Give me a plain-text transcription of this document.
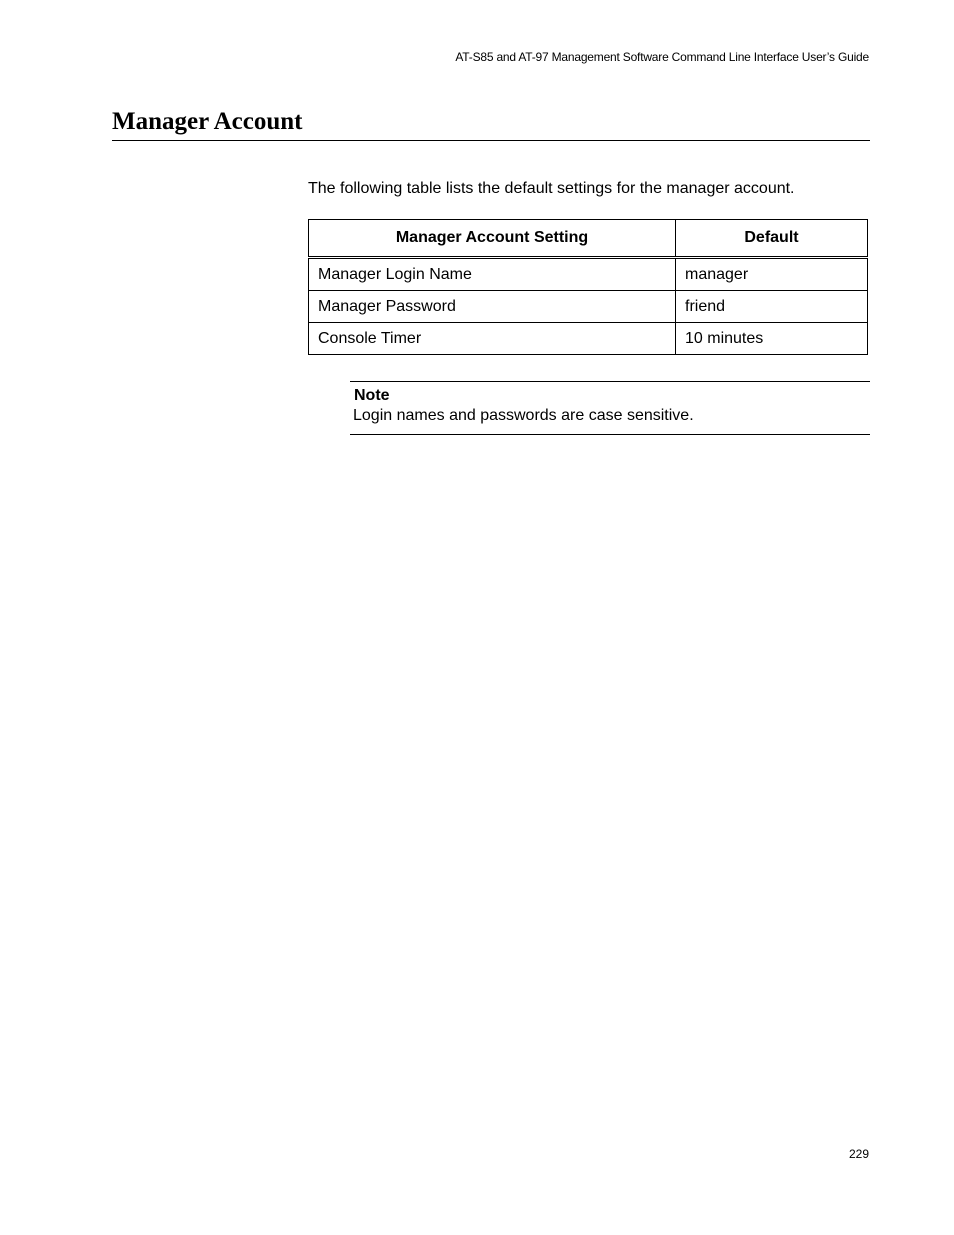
AT-S85 and AT-97 Management Software Command Line Interface User’s Guide
Manager Account

The following table lists the default settings for the manager account.

Manager Account Setting	Default
Manager Login Name	manager
Manager Password	friend
Console Timer	10 minutes
Note
Login names and passwords are case sensitive.
229
